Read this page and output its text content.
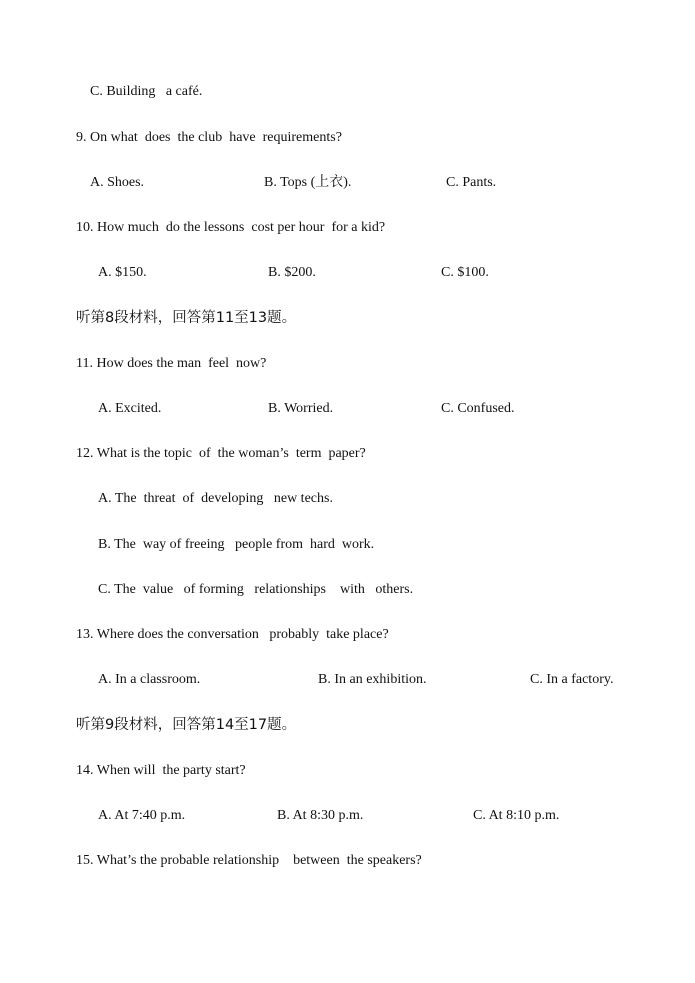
C. Building   a café.
9. On what  does  the club  have  requirements?
A. Shoes.	B. Tops (上衣).	C. Pants.
10. How much  do the lessons  cost per hour  for a kid?
A. $150.	B. $200.	C. $100.
听第8段材料，回答第11至13题。
11. How does the man  feel  now?
A. Excited.	B. Worried.	C. Confused.
12. What is the topic  of  the woman’s  term  paper?
A. The  threat  of  developing   new techs.
B. The  way of freeing   people from  hard  work.
C. The  value   of forming   relationships    with   others.
13. Where does the conversation   probably  take place?
A. In a classroom.	B. In an exhibition.	C. In a factory.
听第9段材料，回答第14至17题。
14. When will  the party start?
A. At 7:40 p.m.	B. At 8:30 p.m.	C. At 8:10 p.m.
15. What’s the probable relationship    between  the speakers?
